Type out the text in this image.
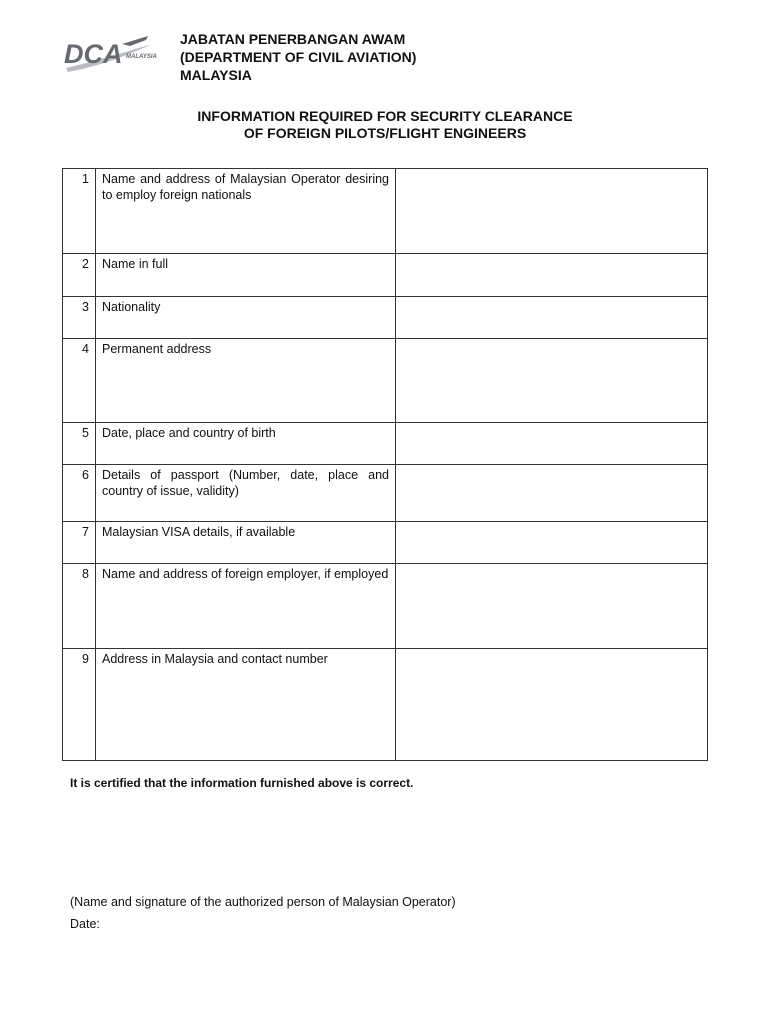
DCA MALAYSIA
JABATAN PENERBANGAN AWAM
(DEPARTMENT OF CIVIL AVIATION)
MALAYSIA
INFORMATION REQUIRED FOR SECURITY CLEARANCE
OF FOREIGN PILOTS/FLIGHT ENGINEERS
1	Name and address of Malaysian Operator desiring to employ foreign nationals	
2	Name in full	
3	Nationality	
4	Permanent address	
5	Date, place and country of birth	
6	Details of passport (Number, date, place and country of issue, validity)	
7	Malaysian VISA details, if available	
8	Name and address of foreign employer, if employed	
9	Address in Malaysia and contact number	
It is certified that the information furnished above is correct.
(Name and signature of the authorized person of Malaysian Operator)
Date:
